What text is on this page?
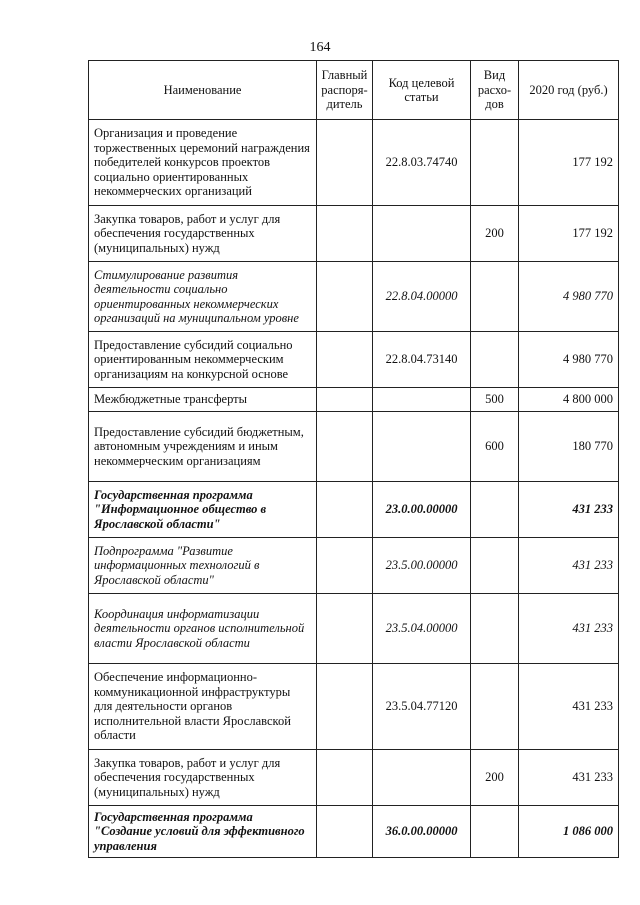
164
Наименование	Главный распоря-дитель	Код целевой статьи	Вид расхо-дов	2020 год (руб.)
Организация и проведение торжественных церемоний награждения победителей конкурсов проектов социально ориентированных некоммерческих организаций		22.8.03.74740		177 192
Закупка товаров, работ и услуг для обеспечения государственных (муниципальных) нужд			200	177 192
Стимулирование развития деятельности социально ориентированных некоммерческих организаций на муниципальном уровне		22.8.04.00000		4 980 770
Предоставление субсидий социально ориентированным некоммерческим организациям на конкурсной основе		22.8.04.73140		4 980 770
Межбюджетные трансферты			500	4 800 000
Предоставление субсидий бюджетным, автономным учреждениям и иным некоммерческим организациям			600	180 770
Государственная программа "Информационное общество в Ярославской области"		23.0.00.00000		431 233
Подпрограмма "Развитие информационных технологий в Ярославской области"		23.5.00.00000		431 233
Координация информатизации деятельности органов исполнительной власти Ярославской области		23.5.04.00000		431 233
Обеспечение информационно-коммуникационной инфраструктуры для деятельности органов исполнительной власти Ярославской области		23.5.04.77120		431 233
Закупка товаров, работ и услуг для обеспечения государственных (муниципальных) нужд			200	431 233
Государственная программа "Создание условий для эффективного управления		36.0.00.00000		1 086 000
